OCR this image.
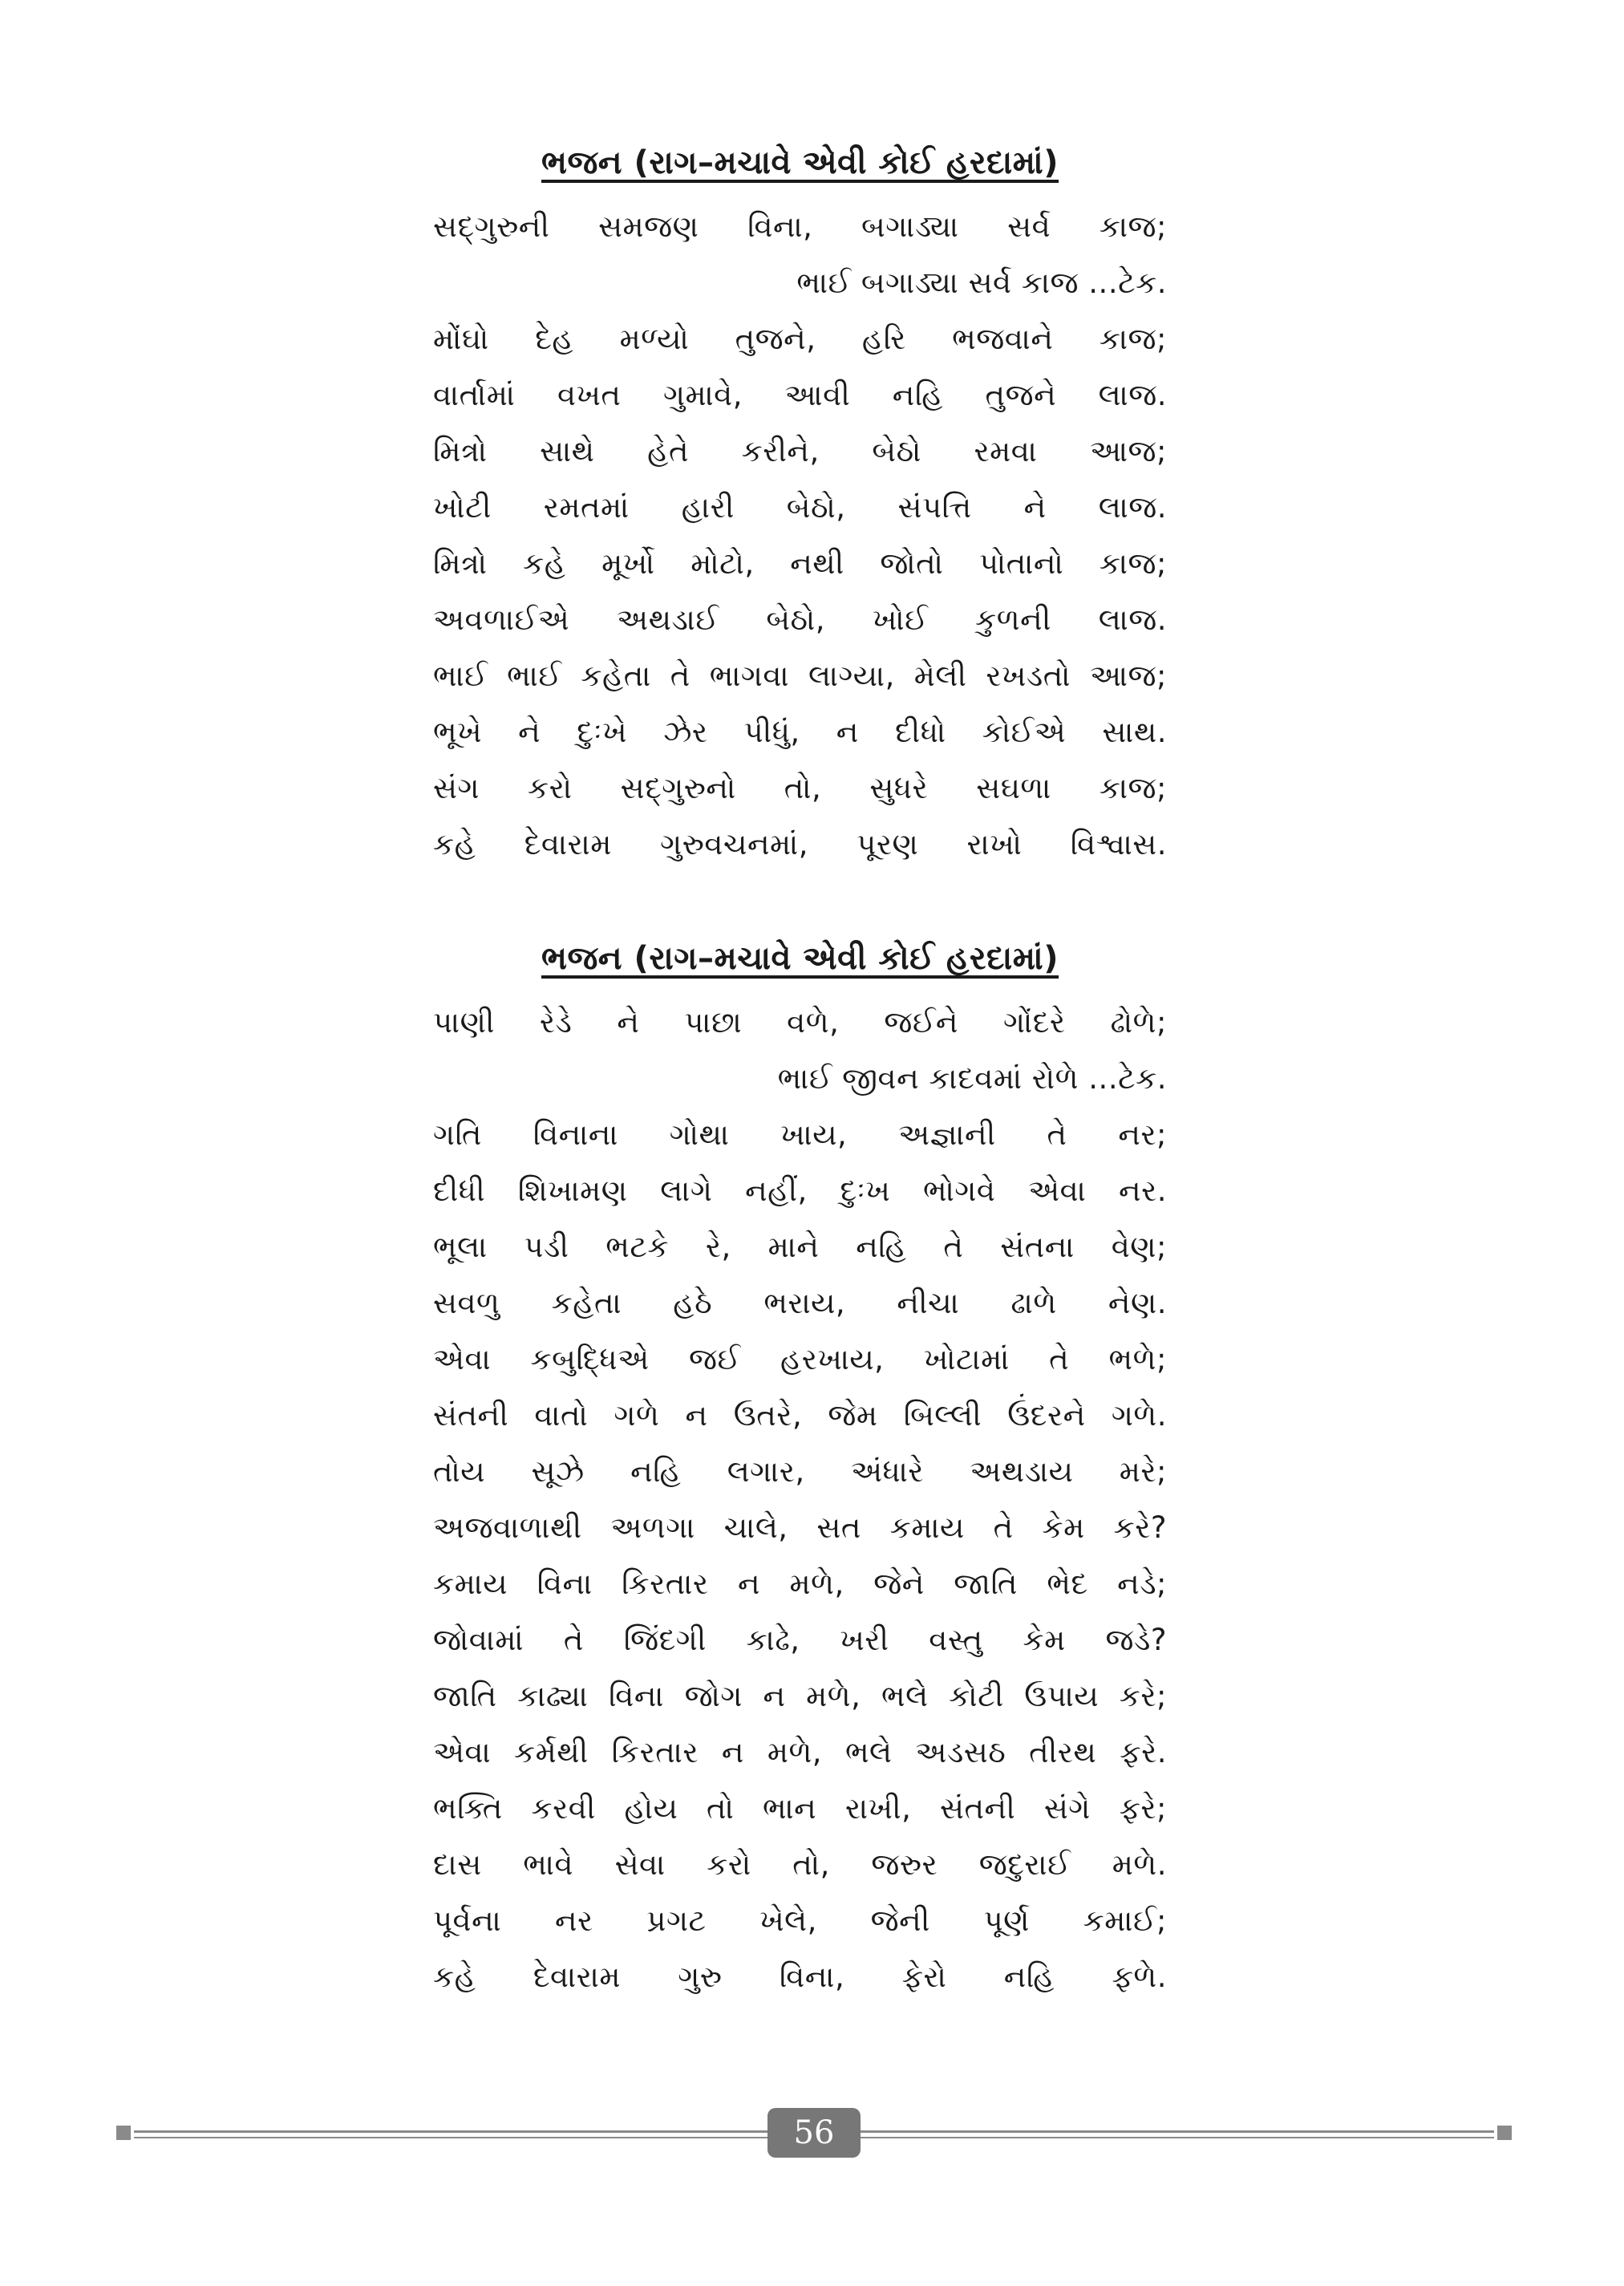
ભજન (રાગ–મચાવે એવી કોઈ હરદામાં)
સદ્‌ગુરુની સમજણ વિના, બગાડ્યા સર્વ કાજ;
ભાઈ બગાડ્યા સર્વ કાજ ...ટેક.
મોંઘો દેહ મળ્યો તુજને, હરિ ભજવાને કાજ;
વાર્તામાં વખત ગુમાવે, આવી નહિ તુજને લાજ.
મિત્રો સાથે હેતે કરીને, બેઠો રમવા આજ;
ખોટી રમતમાં હારી બેઠો, સંપત્તિ ને લાજ.
મિત્રો કહે મૂર્ખો મોટો, નથી જોતો પોતાનો કાજ;
અવળાઈએ અથડાઈ બેઠો, ખોઈ કુળની લાજ.
ભાઈ ભાઈ કહેતા તે ભાગવા લાગ્યા, મેલી રખડતો આજ;
ભૂખે ને દુઃખે ઝેર પીધું, ન દીધો કોઈએ સાથ.
સંગ કરો સદ્‌ગુરુનો તો, સુધરે સઘળા કાજ;
કહે દેવારામ ગુરુવચનમાં, પૂરણ રાખો વિશ્વાસ.
ભજન (રાગ–મચાવે એવી કોઈ હરદામાં)
પાણી રેડે ને પાછા વળે, જઈને ગોંદરે ઢોળે;
ભાઈ જીવન કાદવમાં રોળે ...ટેક.
ગતિ વિનાના ગોથા ખાય, અજ્ઞાની તે નર;
દીધી શિખામણ લાગે નહીં, દુઃખ ભોગવે એવા નર.
ભૂલા પડી ભટકે રે, માને નહિ તે સંતના વેણ;
સવળુ કહેતા હઠે ભરાય, નીચા ઢાળે નેણ.
એવા કબુદ્ધિએ જઈ હરખાય, ખોટામાં તે ભળે;
સંતની વાતો ગળે ન ઉતરે, જેમ બિલ્લી ઉંદરને ગળે.
તોય સૂઝે નહિ લગાર, અંધારે અથડાય મરે;
અજવાળાથી અળગા ચાલે, સત કમાય તે કેમ કરે?
કમાય વિના કિરતાર ન મળે, જેને જાતિ ભેદ નડે;
જોવામાં તે જિંદગી કાઢે, ખરી વસ્તુ કેમ જડે?
જાતિ કાઢ્યા વિના જોગ ન મળે, ભલે કોટી ઉપાય કરે;
એવા કર્મથી કિરતાર ન મળે, ભલે અડસઠ તીરથ ફરે.
ભક્તિ કરવી હોય તો ભાન રાખી, સંતની સંગે ફરે;
દાસ ભાવે સેવા કરો તો, જરુર જદુરાઈ મળે.
પૂર્વના નર પ્રગટ ખેલે, જેની પૂર્ણ કમાઈ;
કહે દેવારામ ગુરુ વિના, ફેરો નહિ ફળે.
56
